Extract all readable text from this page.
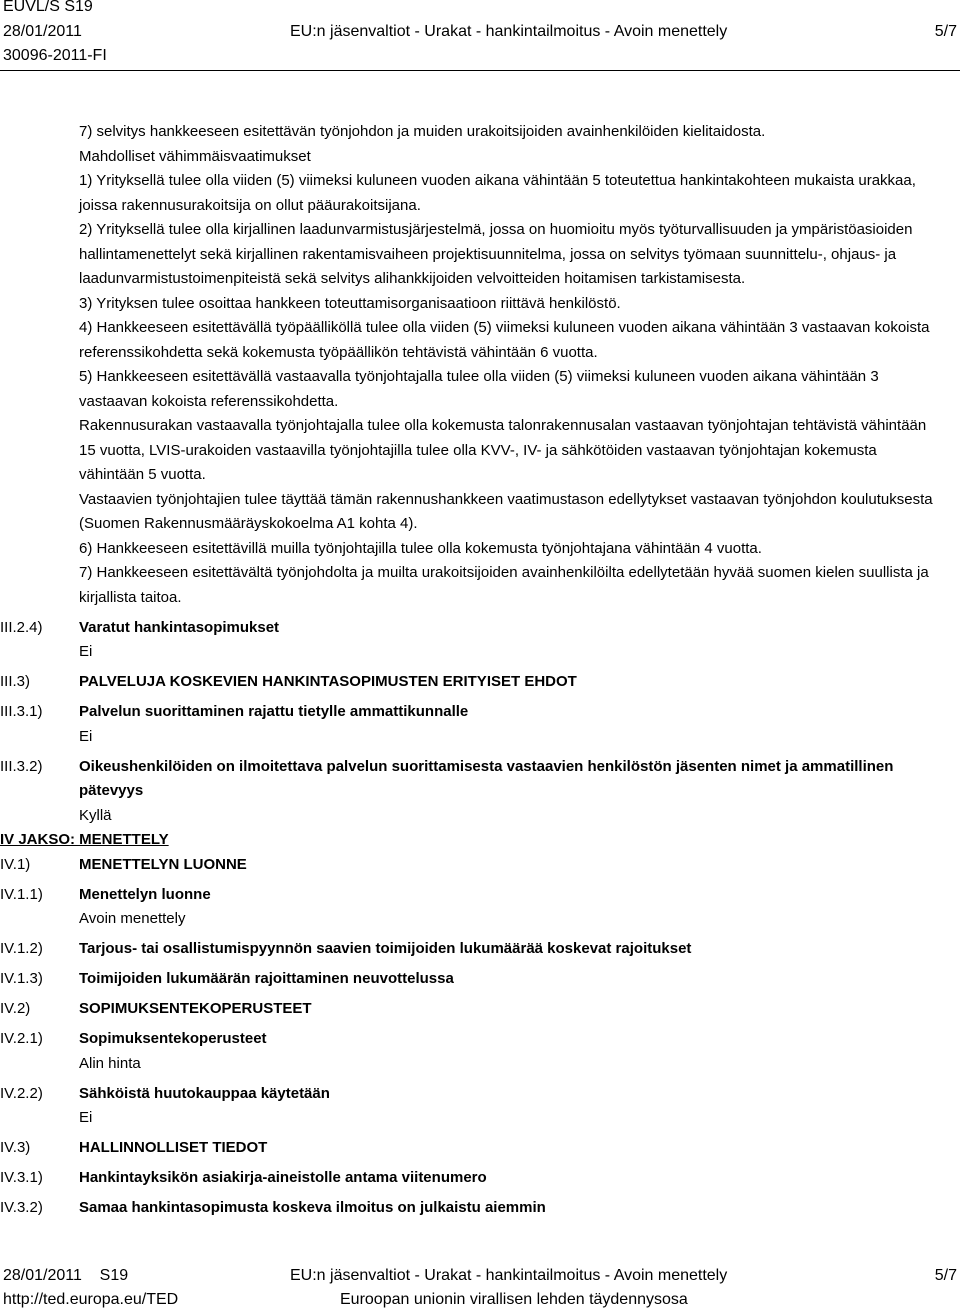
EUVL/S S19
28/01/2011
30096-2011-FI
EU:n jäsenvaltiot - Urakat - hankintailmoitus - Avoin menettely	5/7
7) selvitys hankkeeseen esitettävän työnjohdon ja muiden urakoitsijoiden avainhenkilöiden kielitaidosta.
Mahdolliset vähimmäisvaatimukset
1) Yrityksellä tulee olla viiden (5) viimeksi kuluneen vuoden aikana vähintään 5 toteutettua hankintakohteen mukaista urakkaa, joissa rakennusurakoitsija on ollut pääurakoitsijana.
2) Yrityksellä tulee olla kirjallinen laadunvarmistusjärjestelmä, jossa on huomioitu myös työturvallisuuden ja ympäristöasioiden hallintamenettelyt sekä kirjallinen rakentamisvaiheen projektisuunnitelma, jossa on selvitys työmaan suunnittelu-, ohjaus- ja laadunvarmistustoimenpiteistä sekä selvitys alihankkijoiden velvoitteiden hoitamisen tarkistamisesta.
3) Yrityksen tulee osoittaa hankkeen toteuttamisorganisaatioon riittävä henkilöstö.
4) Hankkeeseen esitettävällä työpäälliköllä tulee olla viiden (5) viimeksi kuluneen vuoden aikana vähintään 3 vastaavan kokoista referenssikohdetta sekä kokemusta työpäällikön tehtävistä vähintään 6 vuotta.
5) Hankkeeseen esitettävällä vastaavalla työnjohtajalla tulee olla viiden (5) viimeksi kuluneen vuoden aikana vähintään 3 vastaavan kokoista referenssikohdetta.
Rakennusurakan vastaavalla työnjohtajalla tulee olla kokemusta talonrakennusalan vastaavan työnjohtajan tehtävistä vähintään 15 vuotta, LVIS-urakoiden vastaavilla työnjohtajilla tulee olla KVV-, IV- ja sähkötöiden vastaavan työnjohtajan kokemusta vähintään 5 vuotta.
Vastaavien työnjohtajien tulee täyttää tämän rakennushankkeen vaatimustason edellytykset vastaavan työnjohdon koulutuksesta (Suomen Rakennusmääräyskokoelma A1 kohta 4).
6) Hankkeeseen esitettävillä muilla työnjohtajilla tulee olla kokemusta työnjohtajana vähintään 4 vuotta.
7) Hankkeeseen esitettävältä työnjohdolta ja muilta urakoitsijoiden avainhenkilöilta edellytetään hyvää suomen kielen suullista ja kirjallista taitoa.
III.2.4)	Varatut hankintasopimukset
Ei
III.3)	PALVELUJA KOSKEVIEN HANKINTASOPIMUSTEN ERITYISET EHDOT
III.3.1)	Palvelun suorittaminen rajattu tietylle ammattikunnalle
Ei
III.3.2)	Oikeushenkilöiden on ilmoitettava palvelun suorittamisesta vastaavien henkilöstön jäsenten nimet ja ammatillinen pätevyys
Kyllä
IV JAKSO: MENETTELY
IV.1)	MENETTELYN LUONNE
IV.1.1)	Menettelyn luonne
Avoin menettely
IV.1.2)	Tarjous- tai osallistumispyynnön saavien toimijoiden lukumäärää koskevat rajoitukset
IV.1.3)	Toimijoiden lukumäärän rajoittaminen neuvottelussa
IV.2)	SOPIMUKSENTEKOPERUSTEET
IV.2.1)	Sopimuksentekoperusteet
Alin hinta
IV.2.2)	Sähköistä huutokauppaa käytetään
Ei
IV.3)	HALLINNOLLISET TIEDOT
IV.3.1)	Hankintayksikön asiakirja-aineistolle antama viitenumero
IV.3.2)	Samaa hankintasopimusta koskeva ilmoitus on julkaistu aiemmin
28/01/2011 S19
http://ted.europa.eu/TED
EU:n jäsenvaltiot - Urakat - hankintailmoitus - Avoin menettely
Euroopan unionin virallisen lehden täydennysosa
5/7
